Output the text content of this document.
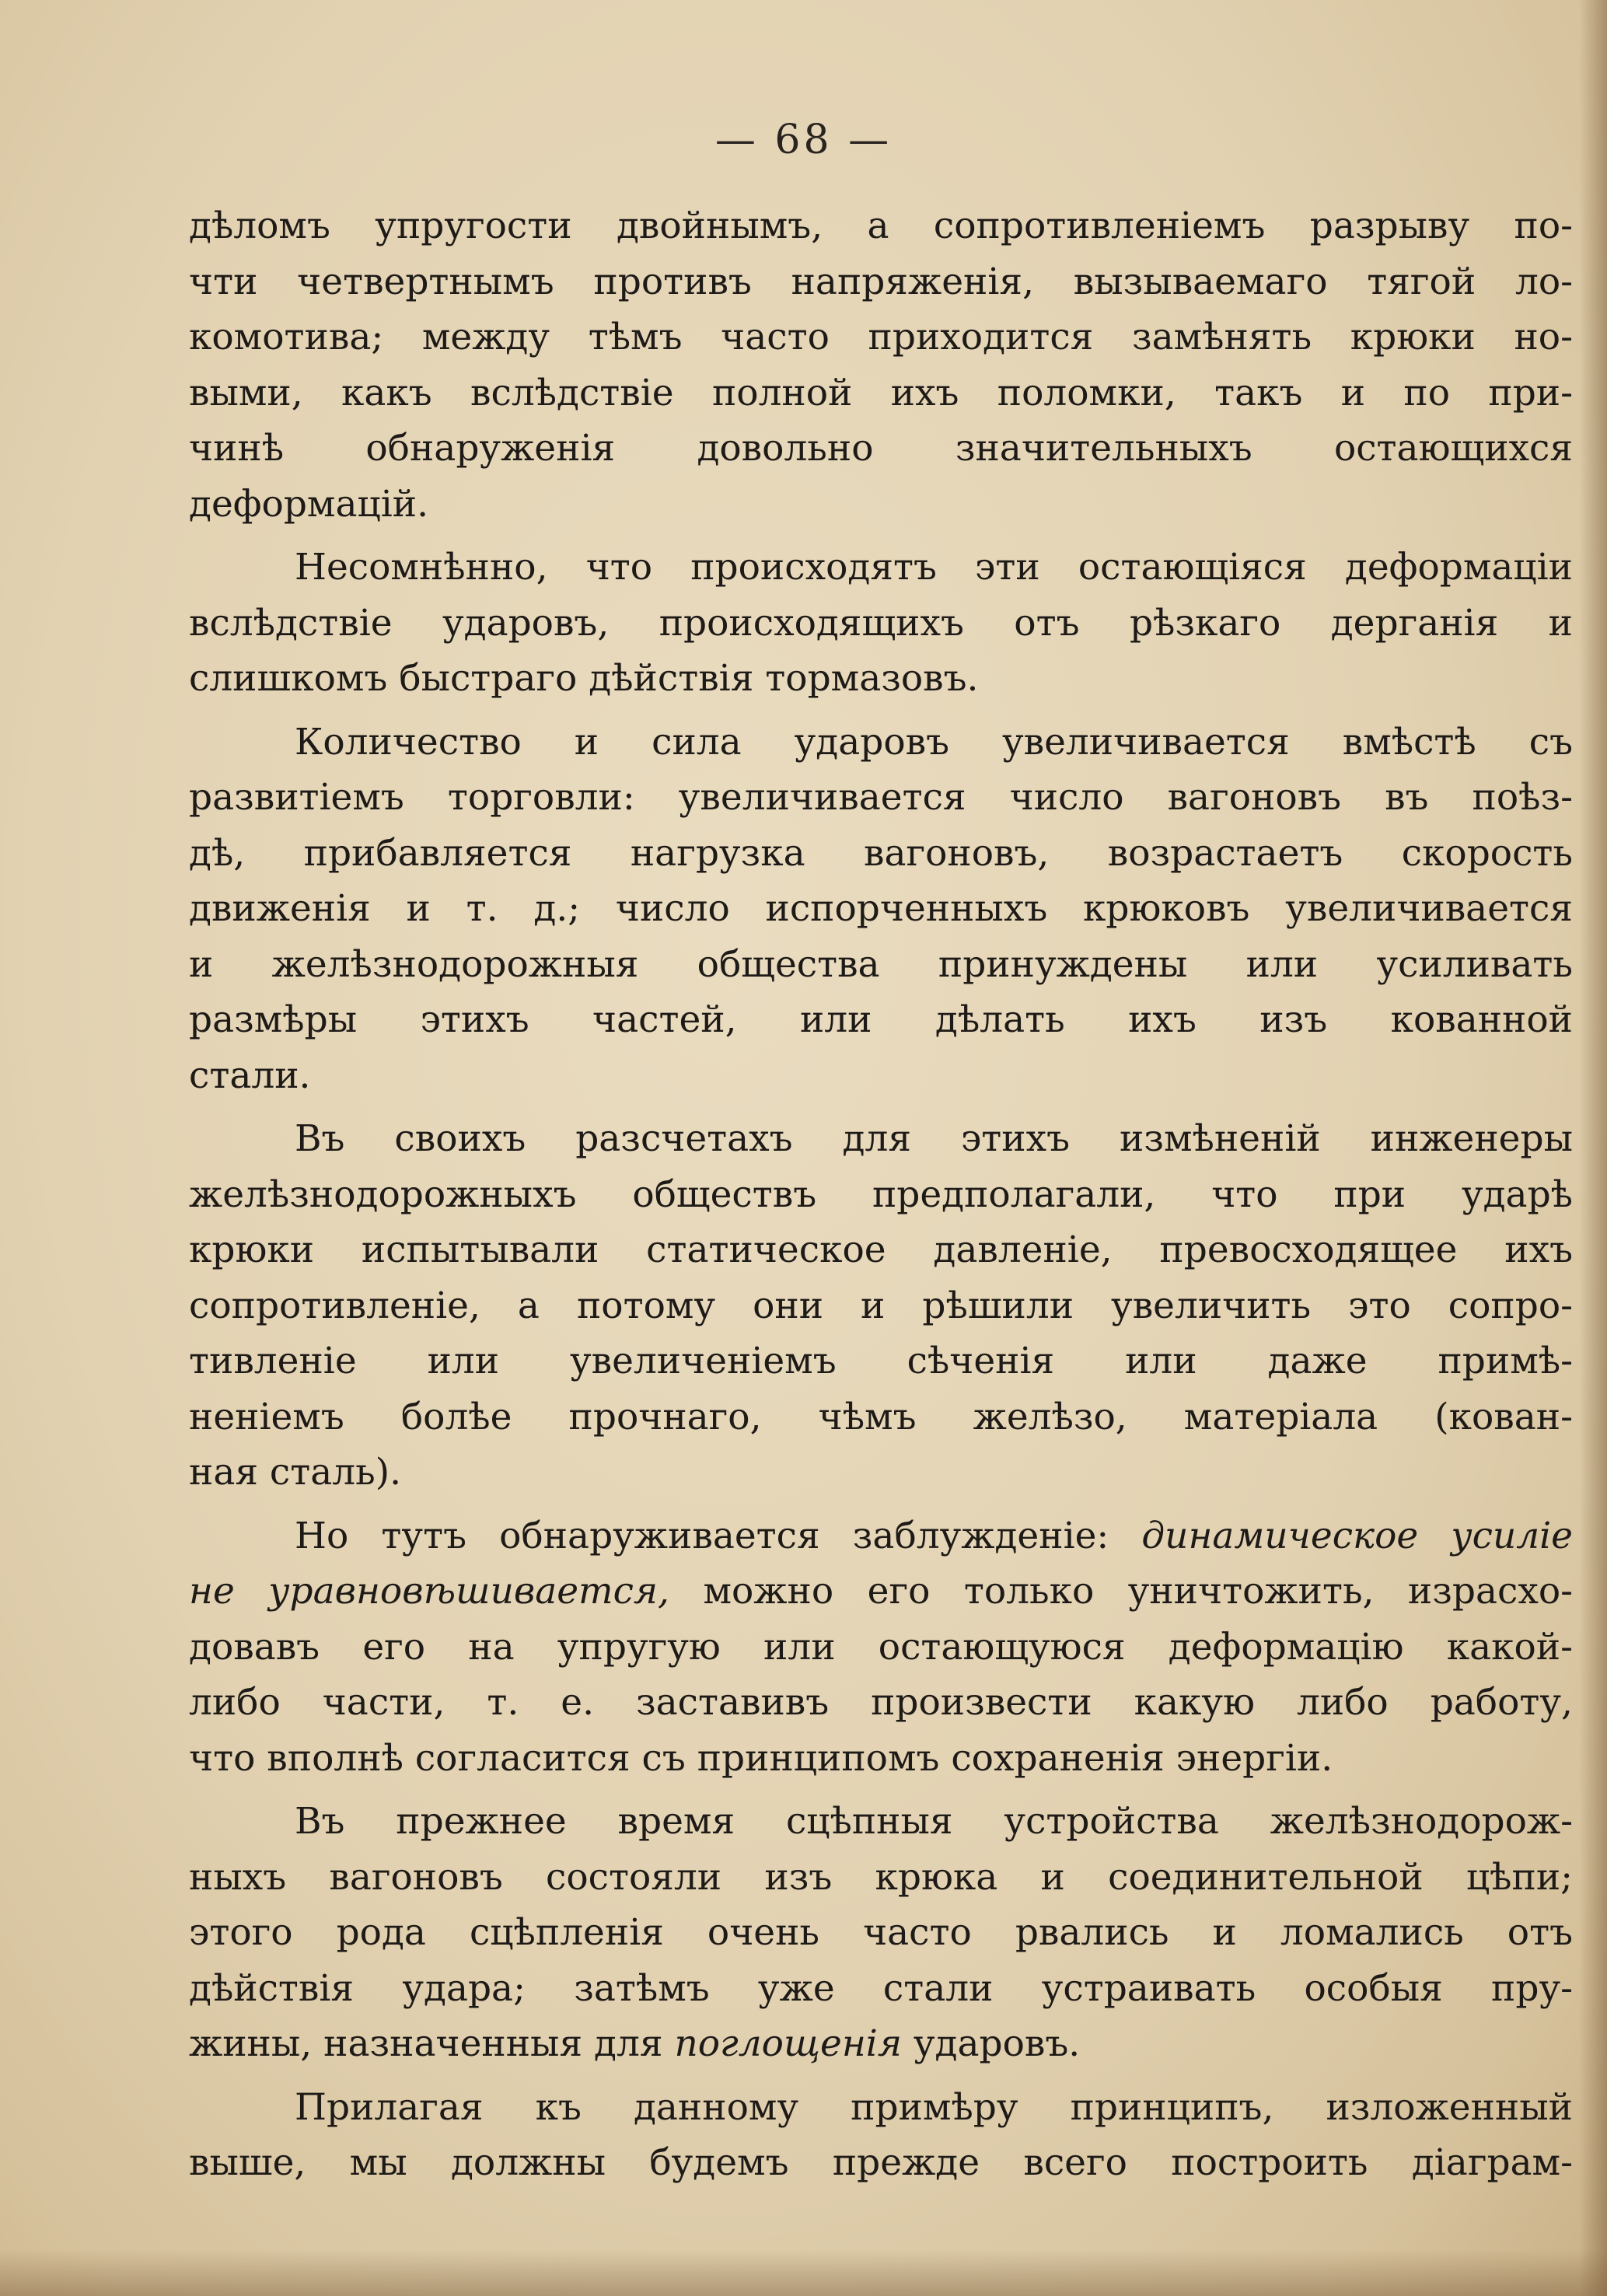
— 68 —
дѣломъ упругости двойнымъ, а сопротивленіемъ разрыву по-
чти четвертнымъ противъ напряженія, вызываемаго тягой ло-
комотива; между тѣмъ часто приходится замѣнять крюки но-
выми, какъ вслѣдствіе полной ихъ поломки, такъ и по при-
чинѣ обнаруженія довольно значительныхъ остающихся
деформацій.
Несомнѣнно, что происходятъ эти остающіяся деформаціи
вслѣдствіе ударовъ, происходящихъ отъ рѣзкаго дерганія и
слишкомъ быстраго дѣйствія тормазовъ.
Количество и сила ударовъ увеличивается вмѣстѣ съ
развитіемъ торговли: увеличивается число вагоновъ въ поѣз-
дѣ, прибавляется нагрузка вагоновъ, возрастаетъ скорость
движенія и т. д.; число испорченныхъ крюковъ увеличивается
и желѣзнодорожныя общества принуждены или усиливать
размѣры этихъ частей, или дѣлать ихъ изъ кованной
стали.
Въ своихъ разсчетахъ для этихъ измѣненій инженеры
желѣзнодорожныхъ обществъ предполагали, что при ударѣ
крюки испытывали статическое давленіе, превосходящее ихъ
сопротивленіе, а потому они и рѣшили увеличить это сопро-
тивленіе или увеличеніемъ сѣченія или даже примѣ-
неніемъ болѣе прочнаго, чѣмъ желѣзо, матеріала (кован-
ная сталь).
Но тутъ обнаруживается заблужденіе: динамическое усиліе
не уравновѣшивается, можно его только уничтожить, израсхо-
довавъ его на упругую или остающуюся деформацію какой-
либо части, т. е. заставивъ произвести какую либо работу,
что вполнѣ согласится съ принципомъ сохраненія энергіи.
Въ прежнее время сцѣпныя устройства желѣзнодорож-
ныхъ вагоновъ состояли изъ крюка и соединительной цѣпи;
этого рода сцѣпленія очень часто рвались и ломались отъ
дѣйствія удара; затѣмъ уже стали устраивать особыя пру-
жины, назначенныя для поглощенія ударовъ.
Прилагая къ данному примѣру принципъ, изложенный
выше, мы должны будемъ прежде всего построить діаграм-
